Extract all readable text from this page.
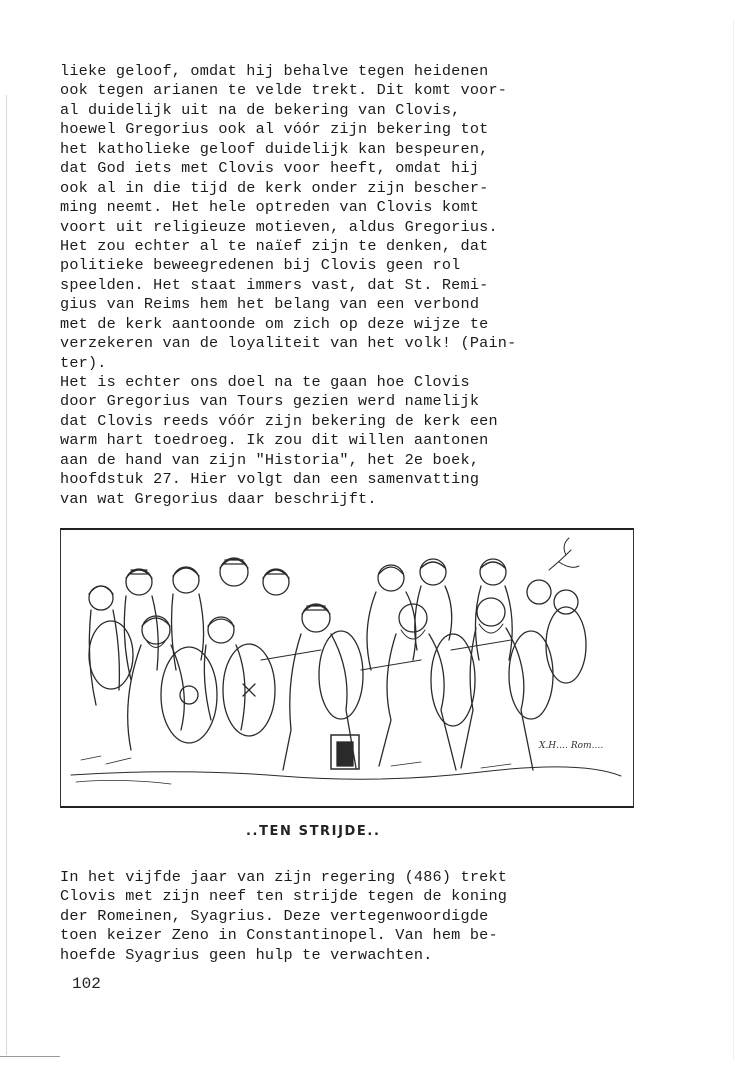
lieke geloof, omdat hij behalve tegen heidenen
ook tegen arianen te velde trekt. Dit komt voor-
al duidelijk uit na de bekering van Clovis,
hoewel Gregorius ook al vóór zijn bekering tot
het katholieke geloof duidelijk kan bespeuren,
dat God iets met Clovis voor heeft, omdat hij
ook al in die tijd de kerk onder zijn bescher-
ming neemt. Het hele optreden van Clovis komt
voort uit religieuze motieven, aldus Gregorius.
Het zou echter al te naïef zijn te denken, dat
politieke beweegredenen bij Clovis geen rol
speelden. Het staat immers vast, dat St. Remi-
gius van Reims hem het belang van een verbond
met de kerk aantoonde om zich op deze wijze te
verzekeren van de loyaliteit van het volk! (Pain-
ter).
Het is echter ons doel na te gaan hoe Clovis
door Gregorius van Tours gezien werd namelijk
dat Clovis reeds vóór zijn bekering de kerk een
warm hart toedroeg. Ik zou dit willen aantonen
aan de hand van zijn "Historia", het 2e boek,
hoofdstuk 27. Hier volgt dan een samenvatting
van wat Gregorius daar beschrijft.
X.H.… Rom.…
..TEN STRIJDE..
In het vijfde jaar van zijn regering (486) trekt
Clovis met zijn neef ten strijde tegen de koning
der Romeinen, Syagrius. Deze vertegenwoordigde
toen keizer Zeno in Constantinopel. Van hem be-
hoefde Syagrius geen hulp te verwachten.
102
